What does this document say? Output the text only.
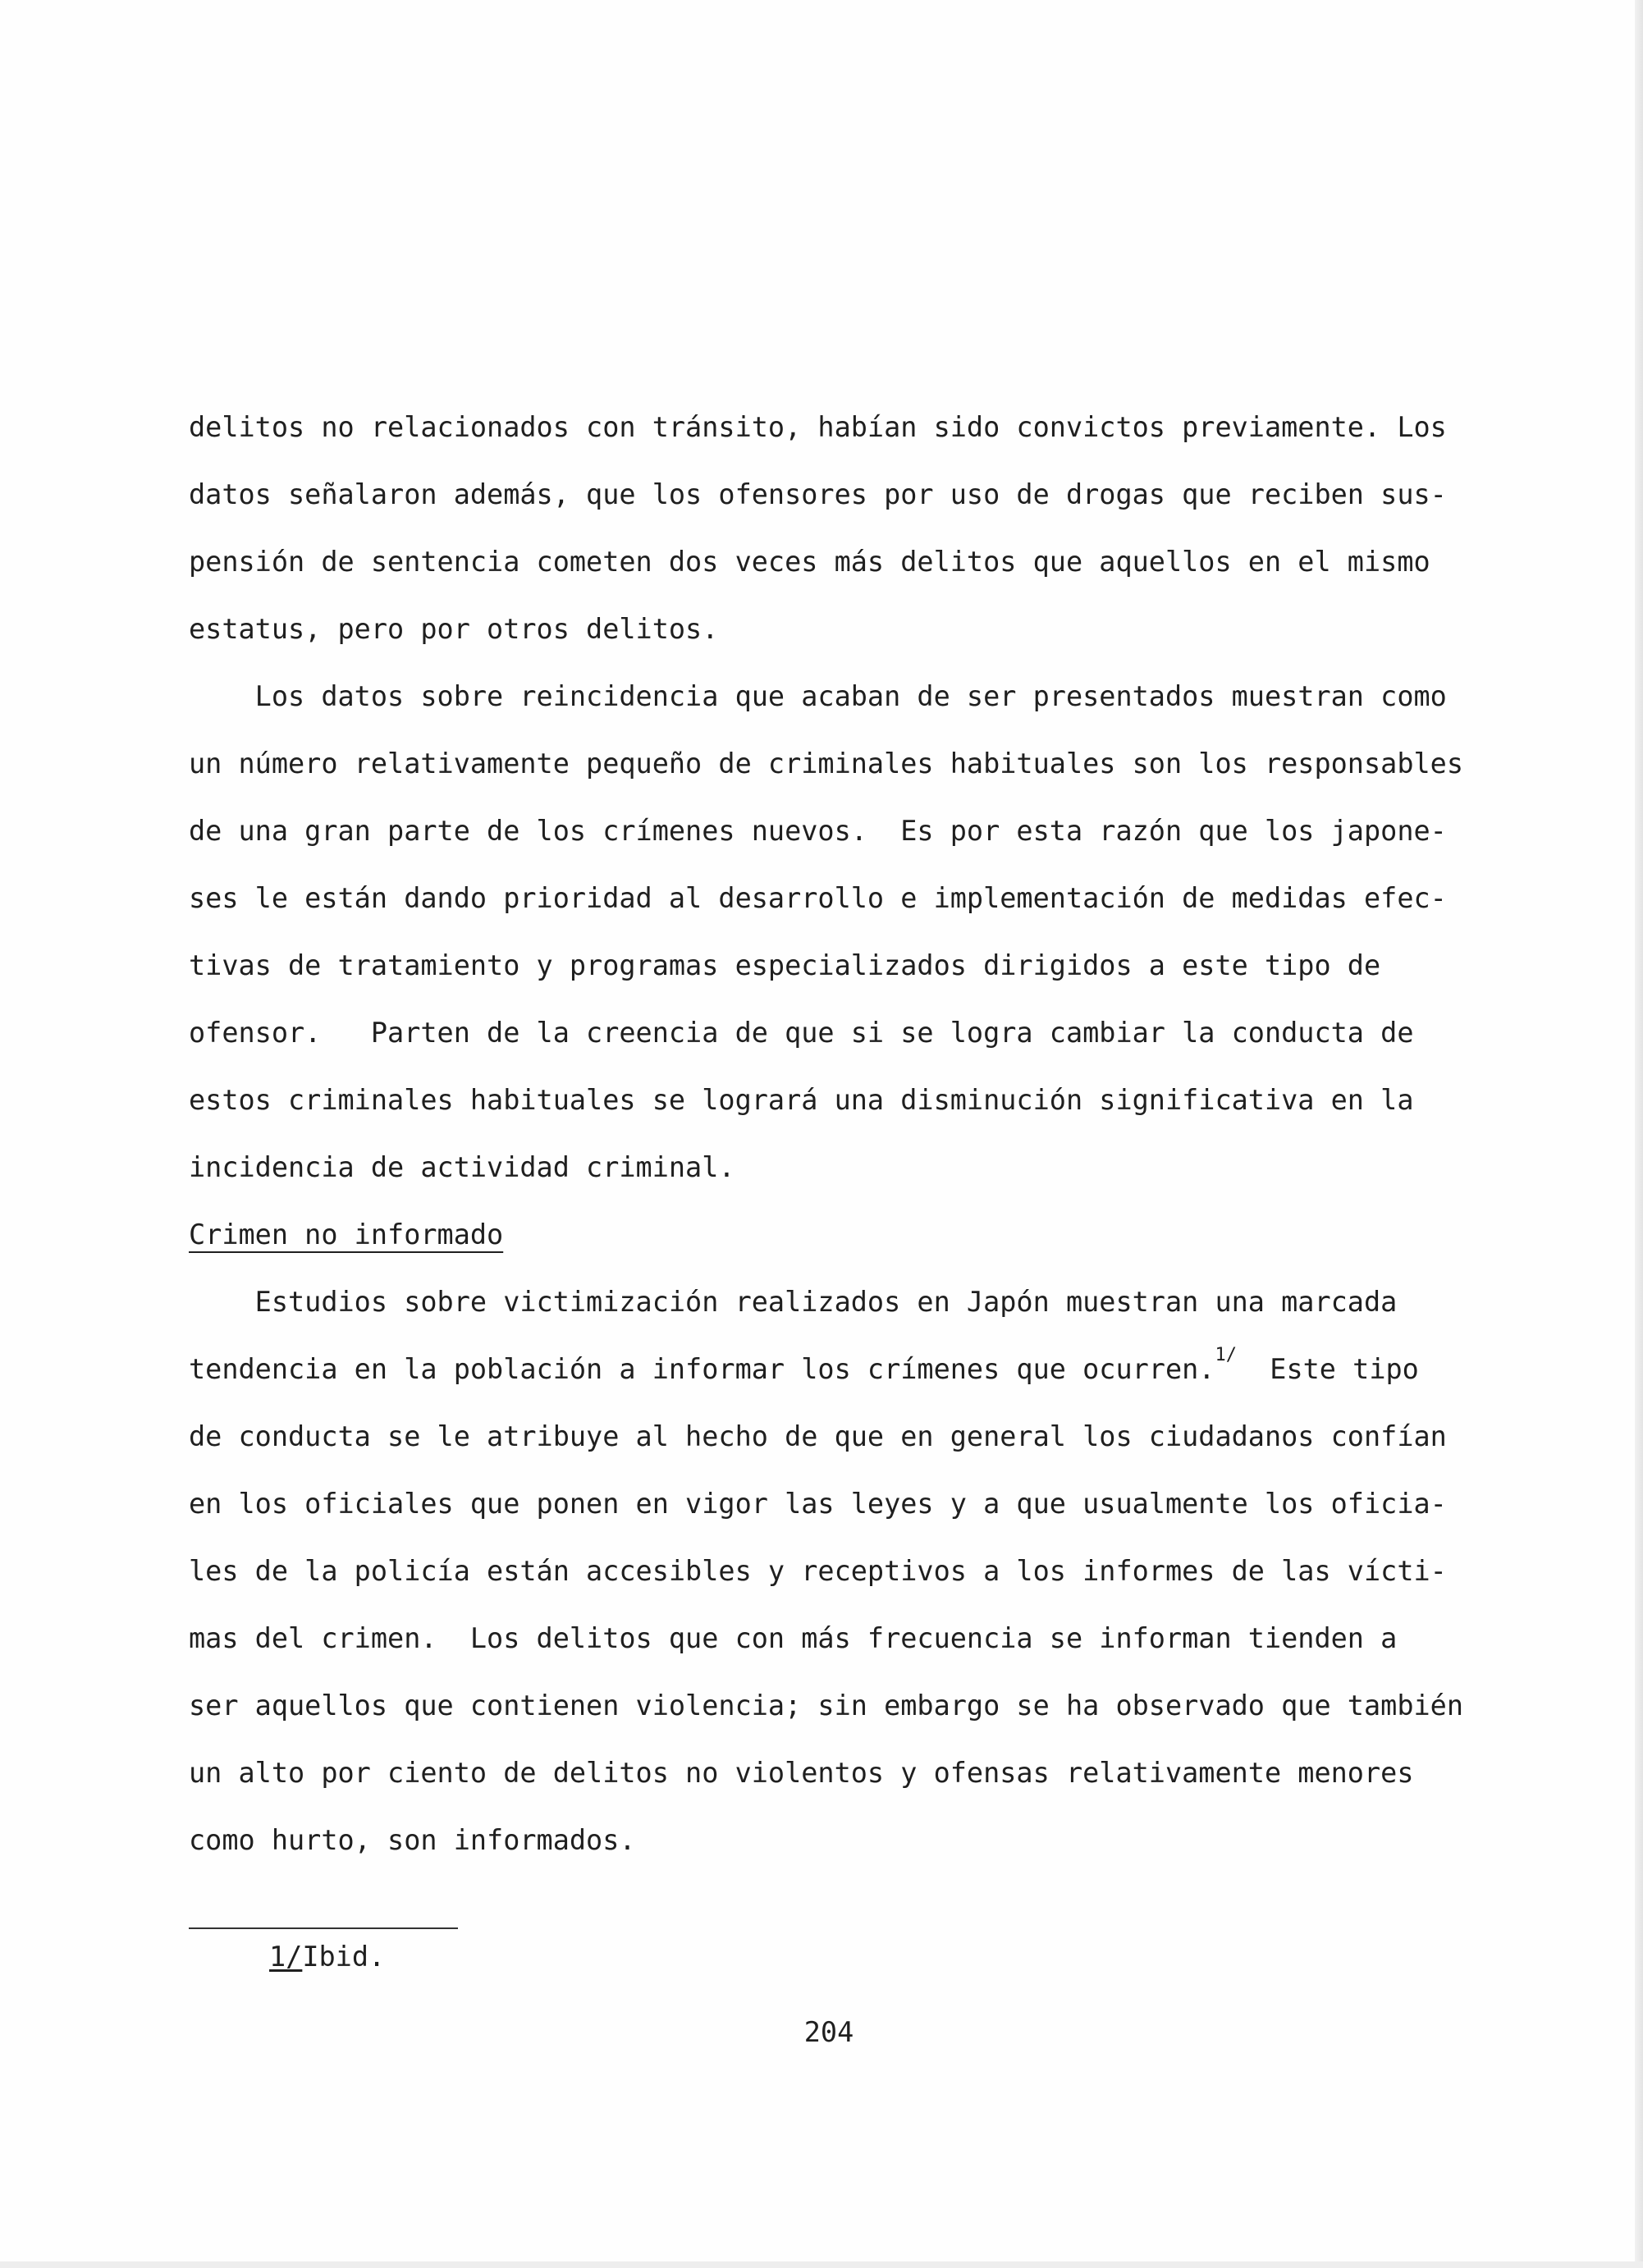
delitos no relacionados con tránsito, habían sido convictos previamente. Los
datos señalaron además, que los ofensores por uso de drogas que reciben sus-
pensión de sentencia cometen dos veces más delitos que aquellos en el mismo
estatus, pero por otros delitos.
Los datos sobre reincidencia que acaban de ser presentados muestran como
un número relativamente pequeño de criminales habituales son los responsables
de una gran parte de los crímenes nuevos.  Es por esta razón que los japone-
ses le están dando prioridad al desarrollo e implementación de medidas efec-
tivas de tratamiento y programas especializados dirigidos a este tipo de
ofensor.   Parten de la creencia de que si se logra cambiar la conducta de
estos criminales habituales se logrará una disminución significativa en la
incidencia de actividad criminal.
Crimen no informado
Estudios sobre victimización realizados en Japón muestran una marcada
tendencia en la población a informar los crímenes que ocurren.$^{1/}$  Este tipo
de conducta se le atribuye al hecho de que en general los ciudadanos confían
en los oficiales que ponen en vigor las leyes y a que usualmente los oficia-
les de la policía están accesibles y receptivos a los informes de las vícti-
mas del crimen.  Los delitos que con más frecuencia se informan tienden a
ser aquellos que contienen violencia; sin embargo se ha observado que también
un alto por ciento de delitos no violentos y ofensas relativamente menores
como hurto, son informados.
1/Ibid.
204
